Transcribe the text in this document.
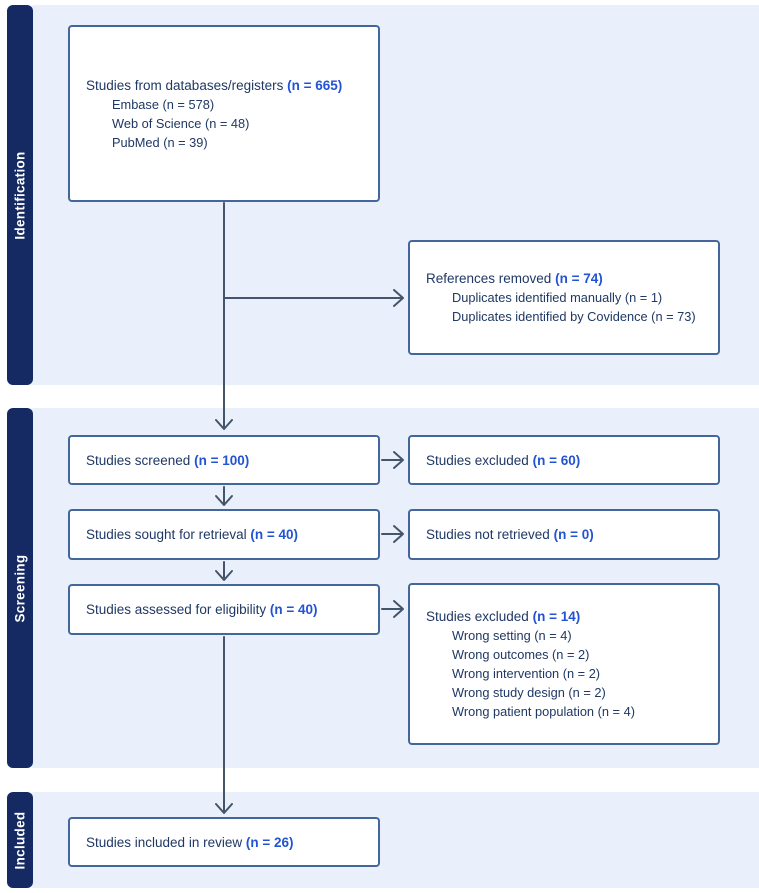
Identification
Screening
Included
Studies from databases/registers (n = 665)
Embase (n = 578)
Web of Science (n = 48)
PubMed (n = 39)
References removed (n = 74)
Duplicates identified manually (n = 1)
Duplicates identified by Covidence (n = 73)
Studies screened (n = 100)	Studies excluded (n = 60)
Studies sought for retrieval (n = 40)	Studies not retrieved (n = 0)
Studies assessed for eligibility (n = 40)	Studies excluded (n = 14)
Wrong setting (n = 4)
Wrong outcomes (n = 2)
Wrong intervention (n = 2)
Wrong study design (n = 2)
Wrong patient population (n = 4)
Studies included in review (n = 26)
